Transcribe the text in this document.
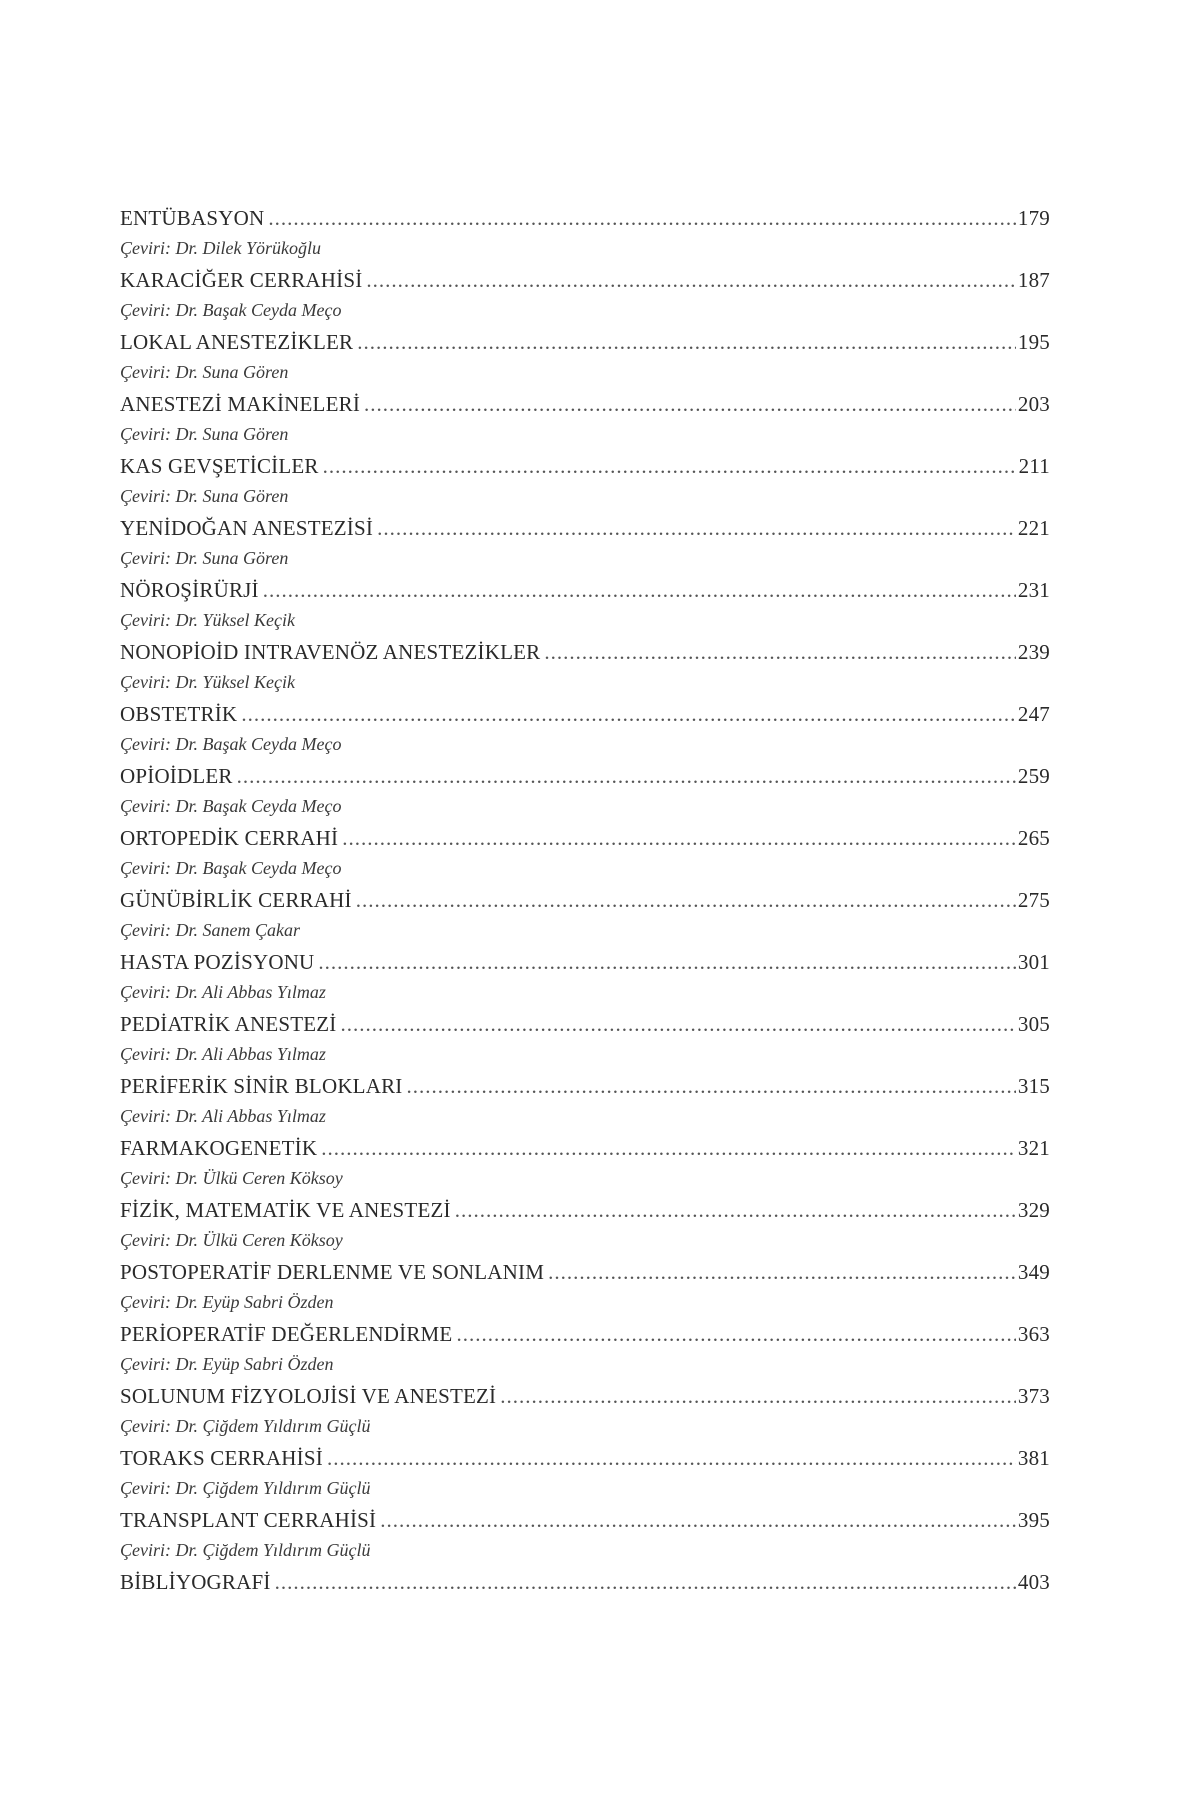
ENTÜBASYON .....	179
Çeviri: Dr. Dilek Yörükoğlu
KARACİĞER CERRAHİSİ .....	187
Çeviri: Dr. Başak Ceyda Meço
LOKAL ANESTEZİKLER .....	195
Çeviri: Dr. Suna Gören
ANESTEZİ MAKİNELERİ .....	203
Çeviri: Dr. Suna Gören
KAS GEVŞETİCİLER .....	211
Çeviri: Dr. Suna Gören
YENİDOĞAN ANESTEZİSİ .....	221
Çeviri: Dr. Suna Gören
NÖROŞİRÜRJİ .....	231
Çeviri: Dr. Yüksel Keçik
NONOPİOİD INTRAVENÖZ ANESTEZİKLER .....	239
Çeviri: Dr. Yüksel Keçik
OBSTETRİK .....	247
Çeviri: Dr. Başak Ceyda Meço
OPİOİDLER .....	259
Çeviri: Dr. Başak Ceyda Meço
ORTOPEDİK CERRAHİ .....	265
Çeviri: Dr. Başak Ceyda Meço
GÜNÜBİRLİK CERRAHİ .....	275
Çeviri: Dr. Sanem Çakar
HASTA POZİSYONU .....	301
Çeviri: Dr. Ali Abbas Yılmaz
PEDİATRİK ANESTEZİ .....	305
Çeviri: Dr. Ali Abbas Yılmaz
PERİFERİK SİNİR BLOKLARI .....	315
Çeviri: Dr. Ali Abbas Yılmaz
FARMAKOGENETİK .....	321
Çeviri: Dr. Ülkü Ceren Köksoy
FİZİK, MATEMATİK VE ANESTEZİ .....	329
Çeviri: Dr. Ülkü Ceren Köksoy
POSTOPERATİF DERLENME VE SONLANIM .....	349
Çeviri: Dr. Eyüp Sabri Özden
PERİOPERATİF DEĞERLENDİRME .....	363
Çeviri: Dr. Eyüp Sabri Özden
SOLUNUM FİZYOLOJİSİ VE ANESTEZİ .....	373
Çeviri: Dr. Çiğdem Yıldırım Güçlü
TORAKS CERRAHİSİ .....	381
Çeviri: Dr. Çiğdem Yıldırım Güçlü
TRANSPLANT CERRAHİSİ .....	395
Çeviri: Dr. Çiğdem Yıldırım Güçlü
BİBLİYOGRAFİ .....	403
